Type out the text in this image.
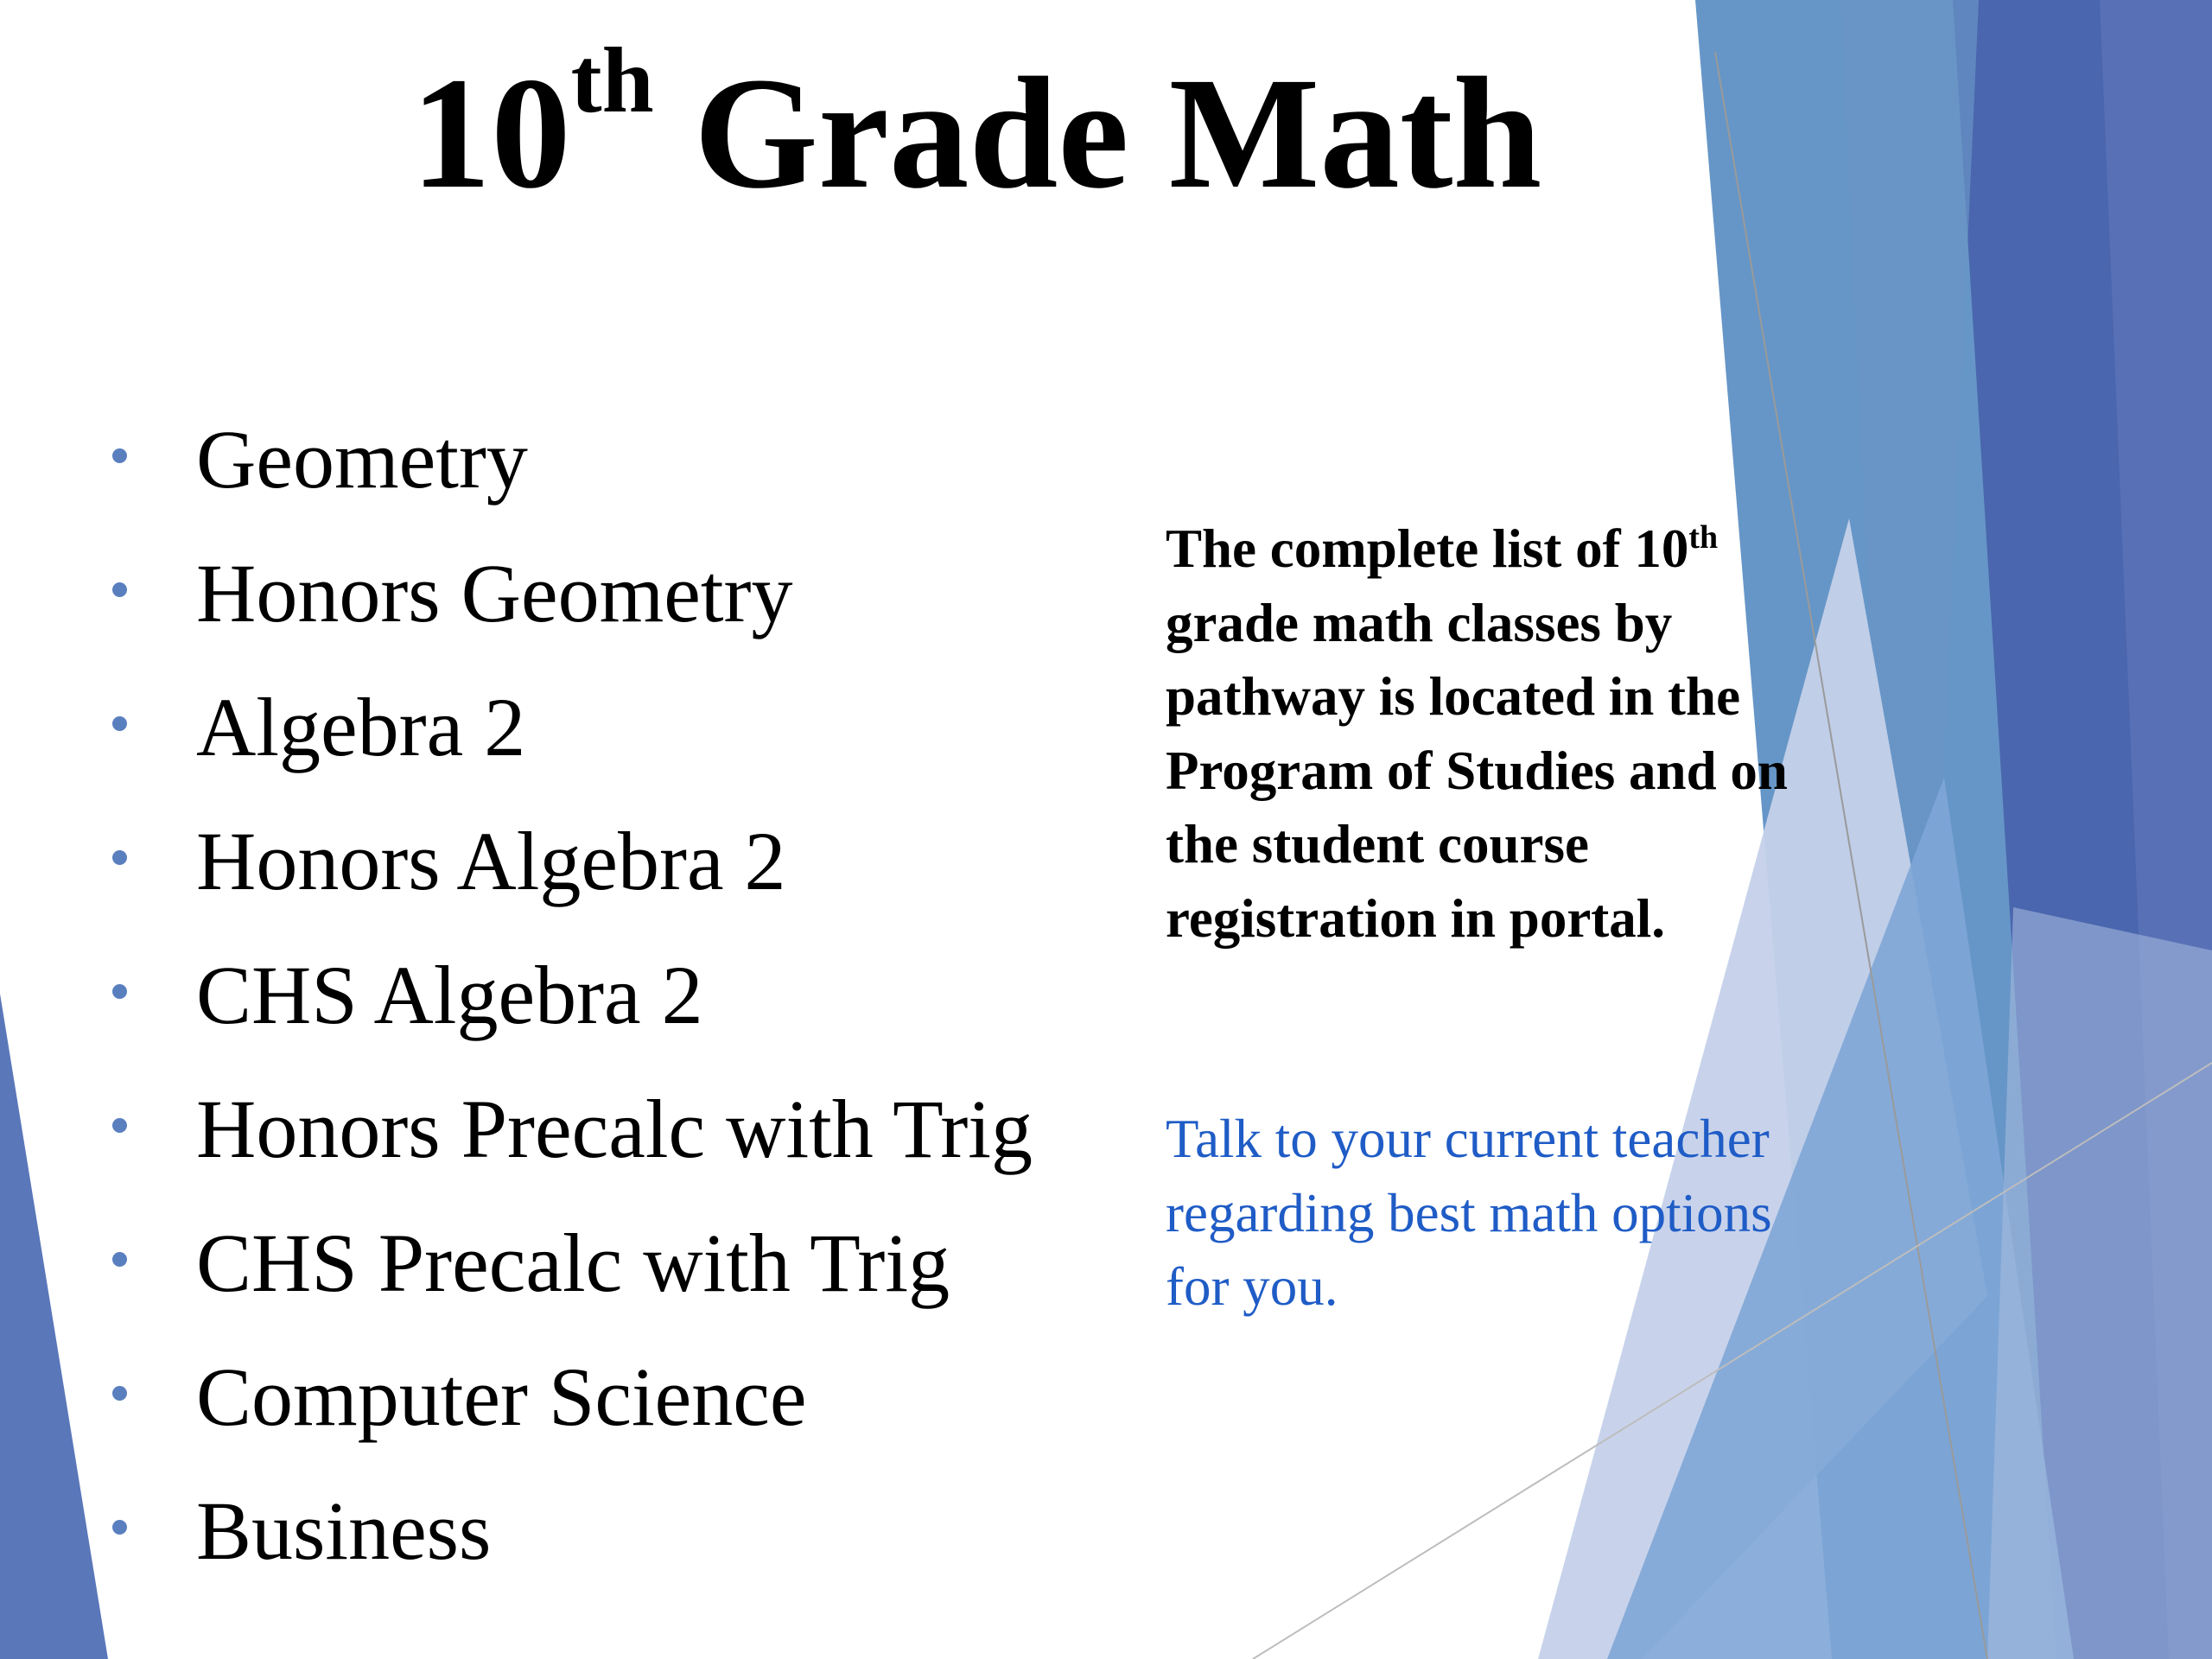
10th Grade Math
Geometry
Honors Geometry
Algebra 2
Honors Algebra 2
CHS Algebra 2
Honors Precalc with Trig
CHS Precalc with Trig
Computer Science
Business

The complete list of 10th grade math classes by pathway is located in the Program of Studies and on the student course registration in portal.

Talk to your current teacher regarding best math options for you.
